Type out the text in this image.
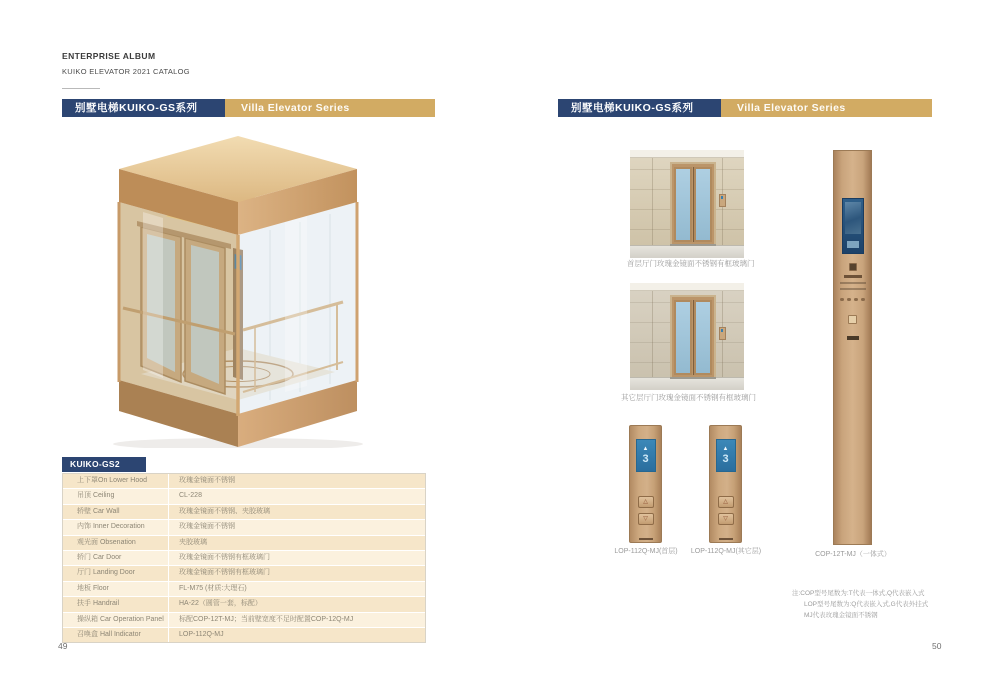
ENTERPRISE ALBUM
KUIKO ELEVATOR 2021 CATALOG
别墅电梯KUIKO-GS系列	Villa Elevator Series
KUIKO-GS2
上下罩On Lower Hood	玫瑰金镜面不锈钢
吊顶 Ceiling	CL-228
轿壁 Car Wall	玫瑰金镜面不锈钢、夹胶玻璃
内饰 Inner Decoration	玫瑰金镜面不锈钢
观光面 Obsenation	夹胶玻璃
轿门 Car Door	玫瑰金镜面不锈钢有框玻璃门
厅门 Landing Door	玫瑰金镜面不锈钢有框玻璃门
地板 Floor	FL-M75 (材质:大理石)
扶手 Handrail	HA-22（圆管一套，标配）
操纵箱 Car Operation Panel	标配COP-12T-MJ；当前壁宽度不足时配置COP-12Q-MJ
召唤盒 Hall Indicator	LOP-112Q-MJ
49
别墅电梯KUIKO-GS系列	Villa Elevator Series
首层厅门玫瑰金镜面不锈钢有框玻璃门
其它层厅门玫瑰金镜面不锈钢有框玻璃门
▲
3
△
▽
LOP-112Q-MJ(首层)
▲
3
△
▽
LOP-112Q-MJ(其它层)	COP-12T-MJ（一体式）
注:COP型号尾数为:T代表一体式,Q代表嵌入式
LOP型号尾数为:Q代表嵌入式,G代表外挂式
MJ代表玫瑰金镜面不锈钢
50
